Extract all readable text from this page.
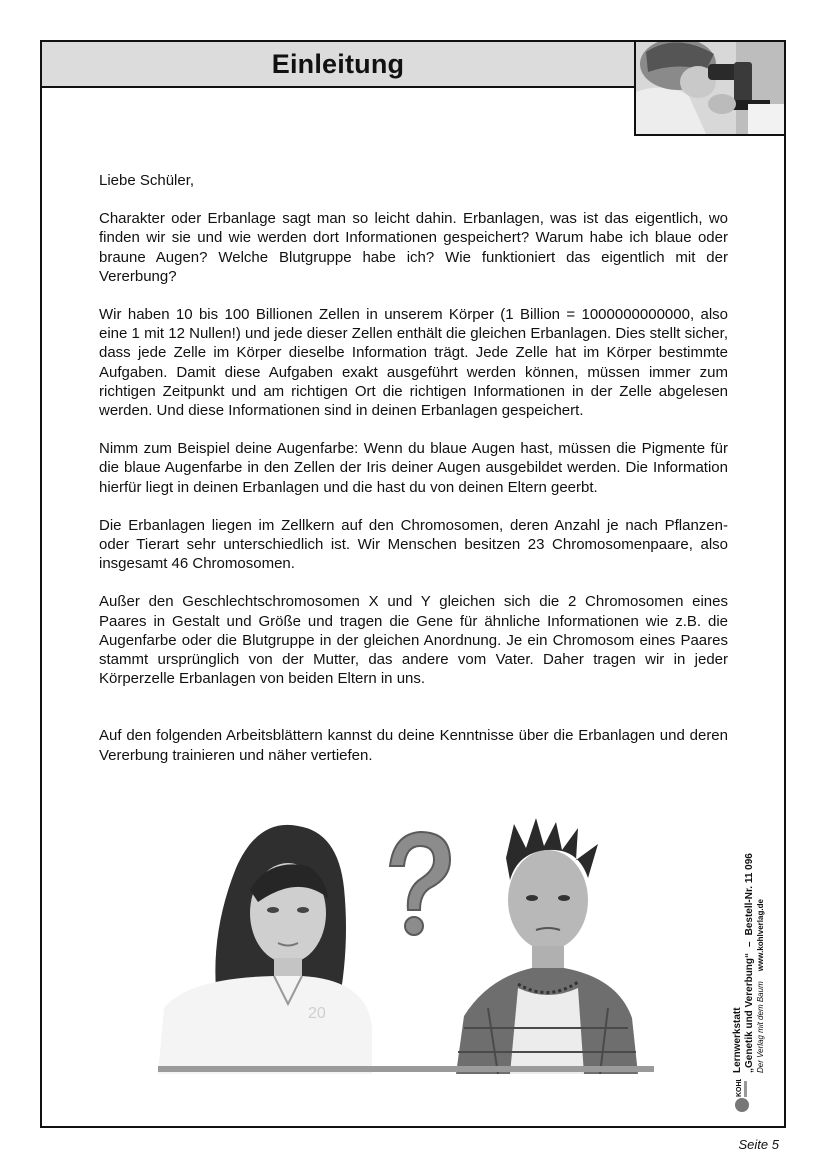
Einleitung

Liebe Schüler,

Charakter oder Erbanlage sagt man so leicht dahin. Erbanlagen, was ist das eigentlich, wo finden wir sie und wie werden dort Informationen gespeichert? Warum habe ich blaue oder braune Augen? Welche Blutgruppe habe ich? Wie funktioniert das eigentlich mit der Vererbung?

Wir haben 10 bis 100 Billionen Zellen in unserem Körper (1 Billion = 1000000000000, also eine 1 mit 12 Nullen!) und jede dieser Zellen enthält die gleichen Erbanlagen. Dies stellt sicher, dass jede Zelle im Körper dieselbe Information trägt. Jede Zelle hat im Körper bestimmte Aufgaben. Damit diese Aufgaben exakt ausgeführt werden können, müssen immer zum richtigen Zeitpunkt und am richtigen Ort die richtigen Informationen in der Zelle abgelesen werden. Und diese Informationen sind in deinen Erbanlagen gespeichert.

Nimm zum Beispiel deine Augenfarbe: Wenn du blaue Augen hast, müssen die Pigmente für die blaue Augenfarbe in den Zellen der Iris deiner Augen ausgebildet werden. Die Information hierfür liegt in deinen Erbanlagen und die hast du von deinen Eltern geerbt.

Die Erbanlagen liegen im Zellkern auf den Chromosomen, deren Anzahl je nach Pflanzen- oder Tierart sehr unterschiedlich ist. Wir Menschen besitzen 23 Chromosomenpaare, also insgesamt 46 Chromosomen.

Außer den Geschlechtschromosomen X und Y gleichen sich die 2 Chromosomen eines Paares in Gestalt und Größe und tragen die Gene für ähnliche Informationen wie z.B. die Augenfarbe oder die Blutgruppe in der gleichen Anordnung. Je ein Chromosom eines Paares stammt ursprünglich von der Mutter, das andere vom Vater. Daher tragen wir in jeder Körperzelle Erbanlagen von beiden Eltern in uns.

Auf den folgenden Arbeitsblättern kannst du deine Kenntnisse über die Erbanlagen und deren Vererbung trainieren und näher vertiefen.

20
KOHL
Lernwerkstatt „Genetik und Vererbung“
–
Bestell-Nr. 11 096
Der Verlag mit dem Baum
www.kohlverlag.de
Seite 5
